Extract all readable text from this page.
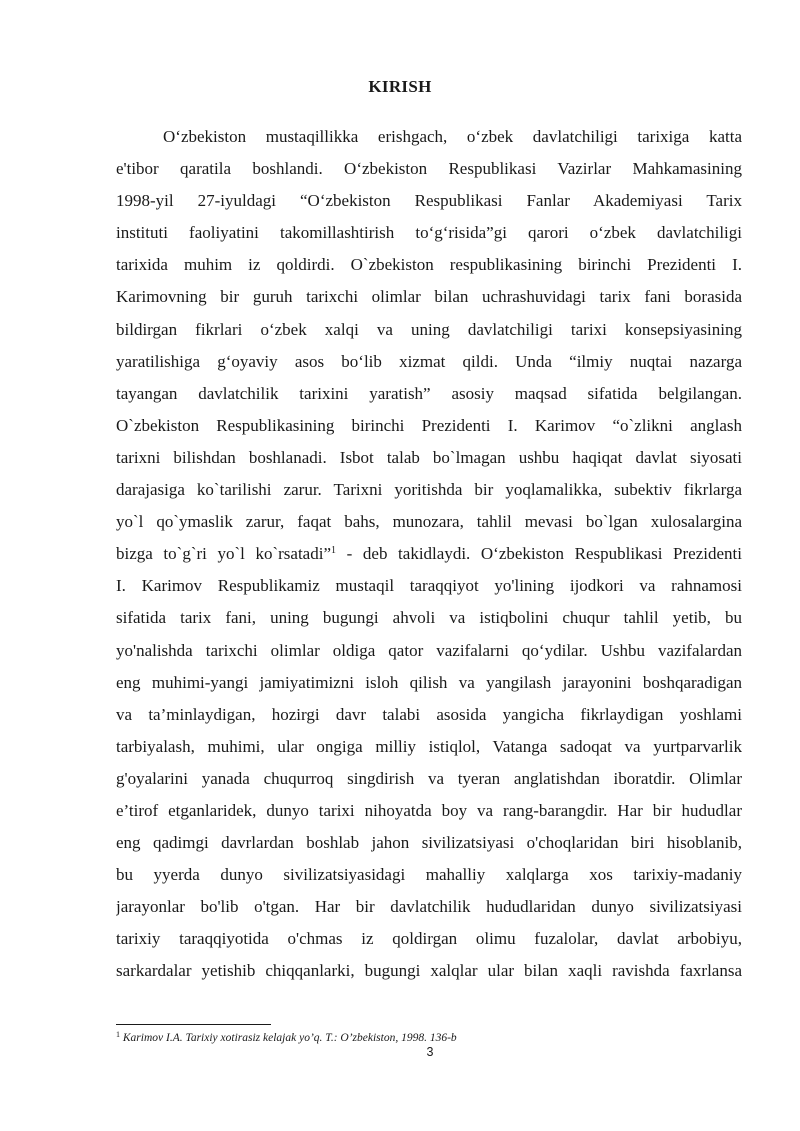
KIRISH
O‘zbekiston mustaqillikka erishgach, o‘zbek davlatchiligi tarixiga katta
e'tibor qaratila boshlandi. O‘zbekiston Respublikasi Vazirlar Mahkamasining
1998-yil 27-iyuldagi “O‘zbekiston Respublikasi Fanlar Akademiyasi Tarix
instituti faoliyatini takomillashtirish to‘g‘risida”gi qarori o‘zbek davlatchiligi
tarixida muhim iz qoldirdi. O`zbekiston respublikasining birinchi Prezidenti I.
Karimovning bir guruh tarixchi olimlar bilan uchrashuvidagi tarix fani borasida
bildirgan fikrlari o‘zbek xalqi va uning davlatchiligi tarixi konsepsiyasining
yaratilishiga g‘oyaviy asos bo‘lib xizmat qildi. Unda “ilmiy nuqtai nazarga
tayangan davlatchilik tarixini yaratish” asosiy maqsad sifatida belgilangan.
O`zbekiston Respublikasining birinchi Prezidenti I. Karimov “o`zlikni anglash
tarixni bilishdan boshlanadi. Isbot talab bo`lmagan ushbu haqiqat davlat siyosati
darajasiga ko`tarilishi zarur. Tarixni yoritishda bir yoqlamalikka, subektiv fikrlarga
yo`l qo`ymaslik zarur, faqat bahs, munozara, tahlil mevasi bo`lgan xulosalargina
bizga to`g`ri yo`l ko`rsatadi”$^1$ - deb takidlaydi. O‘zbekiston Respublikasi Prezidenti
I. Karimov Respublikamiz mustaqil taraqqiyot yo'lining ijodkori va rahnamosi
sifatida tarix fani, uning bugungi ahvoli va istiqbolini chuqur tahlil yetib, bu
yo'nalishda tarixchi olimlar oldiga qator vazifalarni qo‘ydilar. Ushbu vazifalardan
eng muhimi-yangi jamiyatimizni isloh qilish va yangilash jarayonini boshqaradigan
va ta’minlaydigan, hozirgi davr talabi asosida yangicha fikrlaydigan yoshlami
tarbiyalash, muhimi, ular ongiga milliy istiqlol, Vatanga sadoqat va yurtparvarlik
g'oyalarini yanada chuqurroq singdirish va tyeran anglatishdan iboratdir. Olimlar
e’tirof etganlaridek, dunyo tarixi nihoyatda boy va rang-barangdir. Har bir hududlar
eng qadimgi davrlardan boshlab jahon sivilizatsiyasi o'choqlaridan biri hisoblanib,
bu yyerda dunyo sivilizatsiyasidagi mahalliy xalqlarga xos tarixiy-madaniy
jarayonlar bo'lib o'tgan. Har bir davlatchilik hududlaridan dunyo sivilizatsiyasi
tarixiy taraqqiyotida o'chmas iz qoldirgan olimu fuzalolar, davlat arbobiyu,
sarkardalar yetishib chiqqanlarki, bugungi xalqlar ular bilan xaqli ravishda faxrlansa
$^1$ Karimov I.A. Tarixiy xotirasiz kelajak yo’q. T.: O’zbekiston, 1998. 136-b
3
